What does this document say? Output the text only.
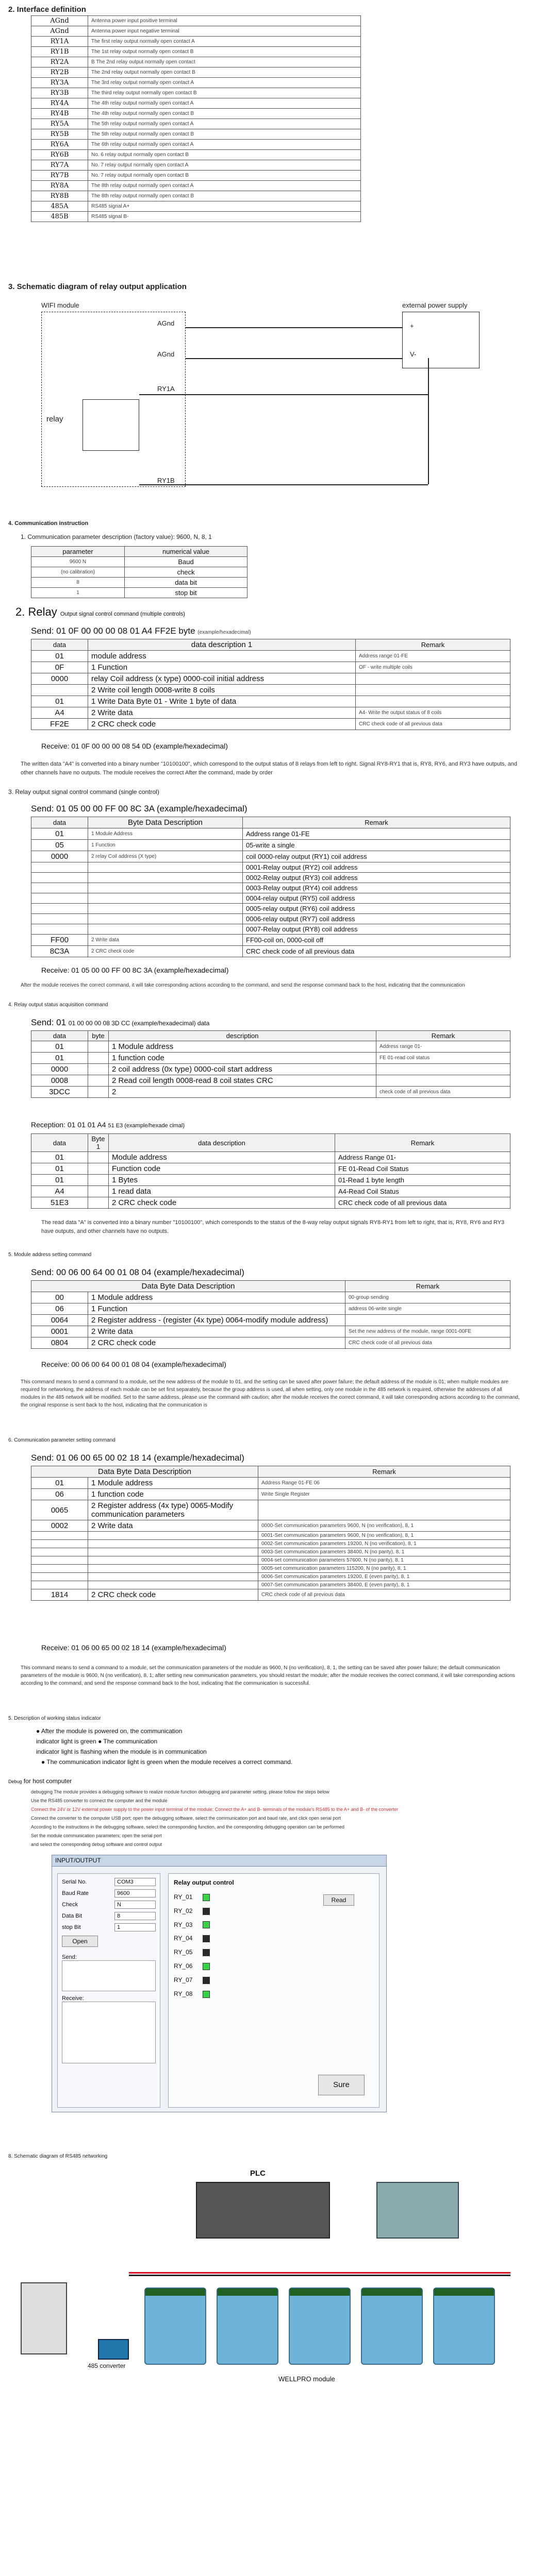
2. Interface definition
AGnd	Antenna power input positive terminal
AGnd	Antenna power input negative terminal
RY1A	The first relay output normally open contact A
RY1B	The 1st relay output normally open contact B
RY2A	B The 2nd relay output normally open contact
RY2B	The 2nd relay output normally open contact B
RY3A	The 3rd relay output normally open contact A
RY3B	The third relay output normally open contact B
RY4A	The 4th relay output normally open contact A
RY4B	The 4th relay output normally open contact B
RY5A	The 5th relay output normally open contact A
RY5B	The 5th relay output normally open contact B
RY6A	The 6th relay output normally open contact A
RY6B	No. 6 relay output normally open contact B
RY7A	No. 7 relay output normally open contact A
RY7B	No. 7 relay output normally open contact B
RY8A	The 8th relay output normally open contact A
RY8B	The 8th relay output normally open contact B
485A	RS485 signal A+
485B	RS485 signal B-
3. Schematic diagram of relay output application
WIFI module	external power supply
+
V-
AGnd
AGnd
relay
RY1A
RY1B
4. Communication instruction
1. Communication parameter description (factory value): 9600, N, 8, 1
parameter	numerical value
9600 N	Baud
(no calibration)	check
8	data bit
1	stop bit
2. Relay Output signal control command (multiple controls)
Send: 01 0F 00 00 00 08 01 A4 FF2E byte (example/hexadecimal)
data	data description 1	Remark
01	module address	Address range 01-FE
0F	1 Function	OF - write multiple coils
0000	relay Coil address (x type) 0000-coil initial address	
	2 Write coil length 0008-write 8 coils	
01	1 Write Data Byte 01 - Write 1 byte of data	
A4	2 Write data	A4- Write the output status of 8 coils
FF2E	2 CRC check code	CRC check code of all previous data
Receive: 01 0F 00 00 00 08 54 0D (example/hexadecimal)
The written data "A4" is converted into a binary number "10100100", which correspond to the output status of 8 relays from left to right. Signal RY8-RY1 that is, RY8, RY6, and RY3 have outputs, and other channels have no outputs. The module receives the correct After the command, made by order
3. Relay output signal control command (single control)
Send: 01 05 00 00 FF 00 8C 3A (example/hexadecimal)
data	Byte Data Description	Remark
01	1 Module Address	Address range 01-FE
05	1 Function	05-write a single
0000	2 relay Coil address (X type)	coil 0000-relay output (RY1) coil address
		0001-Relay output (RY2) coil address
		0002-Relay output (RY3) coil address
		0003-Relay output (RY4) coil address
		0004-relay output (RY5) coil address
		0005-relay output (RY6) coil address
		0006-relay output (RY7) coil address
		0007-Relay output (RY8) coil address
FF00	2 Write data	FF00-coil on, 0000-coil off
8C3A	2 CRC check code	CRC check code of all previous data
Receive: 01 05 00 00 FF 00 8C 3A (example/hexadecimal)
After the module receives the correct command, it will take corresponding actions according to the command, and send the response command back to the host, indicating that the communication
4. Relay output status acquisition command
Send: 01 01 00 00 00 08 3D CC (example/hexadecimal) data
data	byte	description	Remark
01		1 Module address	Address range 01-
01		1 function code	FE 01-read coil status
0000		2 coil address (0x type) 0000-coil start address	
0008		2 Read coil length 0008-read 8 coil states CRC	
3DCC		2	check code of all previous data
Reception: 01 01 01 A4 51 E3 (example/hexade cimal)
data	Byte 1	data description	Remark
01		Module address	Address Range 01-
01		Function code	FE 01-Read Coil Status
01		1 Bytes	01-Read 1 byte length
A4		1 read data	A4-Read Coil Status
51E3		2 CRC check code	CRC check code of all previous data
The read data "A" is converted into a binary number "10100100", which corresponds to the status of the 8-way relay output signals RY8-RY1 from left to right, that is, RY8, RY6 and RY3 have outputs, and other channels have no outputs.
5. Module address setting command
Send: 00 06 00 64 00 01 08 04 (example/hexadecimal)
Data Byte Data Description		Remark
00	1 Module address	00-group sending
06	1 Function	address 06-write single
0064	2 Register address - (register (4x type) 0064-modify module address)	
0001	2 Write data	Set the new address of the module, range 0001-00FE
0804	2 CRC check code	CRC check code of all previous data
Receive: 00 06 00 64 00 01 08 04 (example/hexadecimal)
This command means to send a command to a module, set the new address of the module to 01, and the setting can be saved after power failure; the default address of the module is 01; when multiple modules are required for networking, the address of each module can be set first separately, because the group address is used, all when setting, only one module in the 485 network is required, otherwise the addresses of all modules in the 485 network will be modified. Set to the same address, please use the command with caution; after the module receives the correct command, it will take corresponding actions according to the command, the original response is sent back to the host, indicating that the communication is
6. Communication parameter setting command
Send: 01 06 00 65 00 02 18 14 (example/hexadecimal)
Data Byte Data Description		Remark
01	1 Module address	Address Range 01-FE 06
06	1 function code	Write Single Register
0065	2 Register address (4x type) 0065-Modify communication parameters	
0002	2 Write data	0000-Set communication parameters 9600, N (no verification), 8, 1
		0001-Set communication parameters 9600, N (no verification), 8, 1
		0002-Set communication parameters 19200, N (no verification), 8, 1
		0003-Set communication parameters 38400, N (no parity), 8, 1
		0004-set communication parameters 57600, N (no parity), 8, 1
		0005-set communication parameters 115200, N (no parity), 8, 1
		0006-Set communication parameters 19200, E (even parity), 8, 1
		0007-Set communication parameters 38400, E (even parity), 8, 1
1814	2 CRC check code	CRC check code of all previous data
Receive: 01 06 00 65 00 02 18 14 (example/hexadecimal)
This command means to send a command to a module, set the communication parameters of the module as 9600, N (no verification), 8, 1, the setting can be saved after power failure; the default communication parameters of the module is 9600, N (no verification), 8, 1; after setting new communication parameters, you should restart the module; after the module receives the correct command, it will take corresponding actions according to the command, and send the response command back to the host, indicating that the communication is successful.
5. Description of working status indicator
● After the module is powered on, the communication
indicator light is green ● The communication
indicator light is flashing when the module is in communication
● The communication indicator light is green when the module receives a correct command.
Debug for host computer
debugging The module provides a debugging software to realize module function debugging and parameter setting, please follow the steps below
Use the RS485 converter to connect the computer and the module
Connect the 24V or 12V external power supply to the power input terminal of the module; Connect the A+ and B- terminals of the module's RS485 to the A+ and B- of the converter
Connect the converter to the computer USB port; open the debugging software, select the communication port and baud rate, and click open serial port
According to the instructions in the debugging software, select the corresponding function, and the corresponding debugging operation can be performed
Set the module communication parameters; open the serial port
and select the corresponding debug software and control output
INPUT/OUTPUT
Serial No.	COM3
Baud Rate	9600
Check	N
Data Bit	8
stop Bit	1
Open
Send:
Receive:
Relay output control
RY_01
RY_02
RY_03
RY_04
RY_05
RY_06
RY_07
RY_08
Read
Sure
8. Schematic diagram of RS485 networking
PLC
485 converter
WELLPRO module
